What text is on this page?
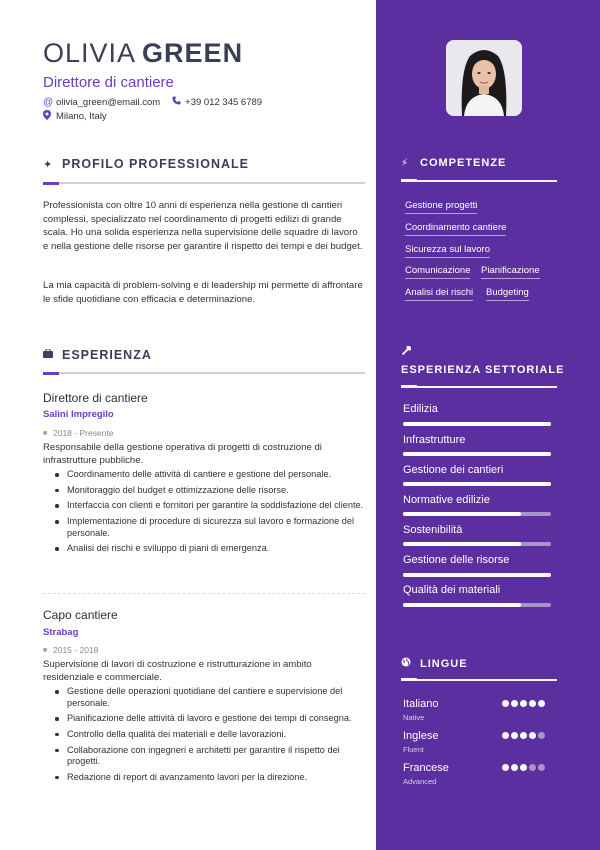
OLIVIA GREEN
Direttore di cantiere
@ olivia_green@email.com	+39 012 345 6789
Milano, Italy
✦ PROFILO PROFESSIONALE
Professionista con oltre 10 anni di esperienza nella gestione di cantieri complessi, specializzato nel coordinamento di progetti edilizi di grande scala. Ho una solida esperienza nella supervisione delle squadre di lavoro e nella gestione delle risorse per garantire il rispetto dei tempi e dei budget.
La mia capacità di problem-solving e di leadership mi permette di affrontare le sfide quotidiane con efficacia e determinazione.
ESPERIENZA
Direttore di cantiere
Salini Impregilo
■ 2018 - Presente
Responsabile della gestione operativa di progetti di costruzione di infrastrutture pubbliche.
Coordinamento delle attività di cantiere e gestione del personale.
Monitoraggio del budget e ottimizzazione delle risorse.
Interfaccia con clienti e fornitori per garantire la soddisfazione del cliente.
Implementazione di procedure di sicurezza sul lavoro e formazione del personale.
Analisi dei rischi e sviluppo di piani di emergenza.
Capo cantiere
Strabag
■ 2015 - 2018
Supervisione di lavori di costruzione e ristrutturazione in ambito residenziale e commerciale.
Gestione delle operazioni quotidiane del cantiere e supervisione del personale.
Pianificazione delle attività di lavoro e gestione dei tempi di consegna.
Controllo della qualità dei materiali e delle lavorazioni.
Collaborazione con ingegneri e architetti per garantire il rispetto dei progetti.
Redazione di report di avanzamento lavori per la direzione.
⚡ COMPETENZE
Gestione progetti
Coordinamento cantiere
Sicurezza sul lavoro
Comunicazione Pianificazione
Analisi dei rischi Budgeting
ESPERIENZA SETTORIALE
Edilizia
Infrastrutture
Gestione dei cantieri
Normative edilizie
Sostenibilità
Gestione delle risorse
Qualità dei materiali
LINGUE
Italiano
Native
Inglese
Fluent
Francese
Advanced
